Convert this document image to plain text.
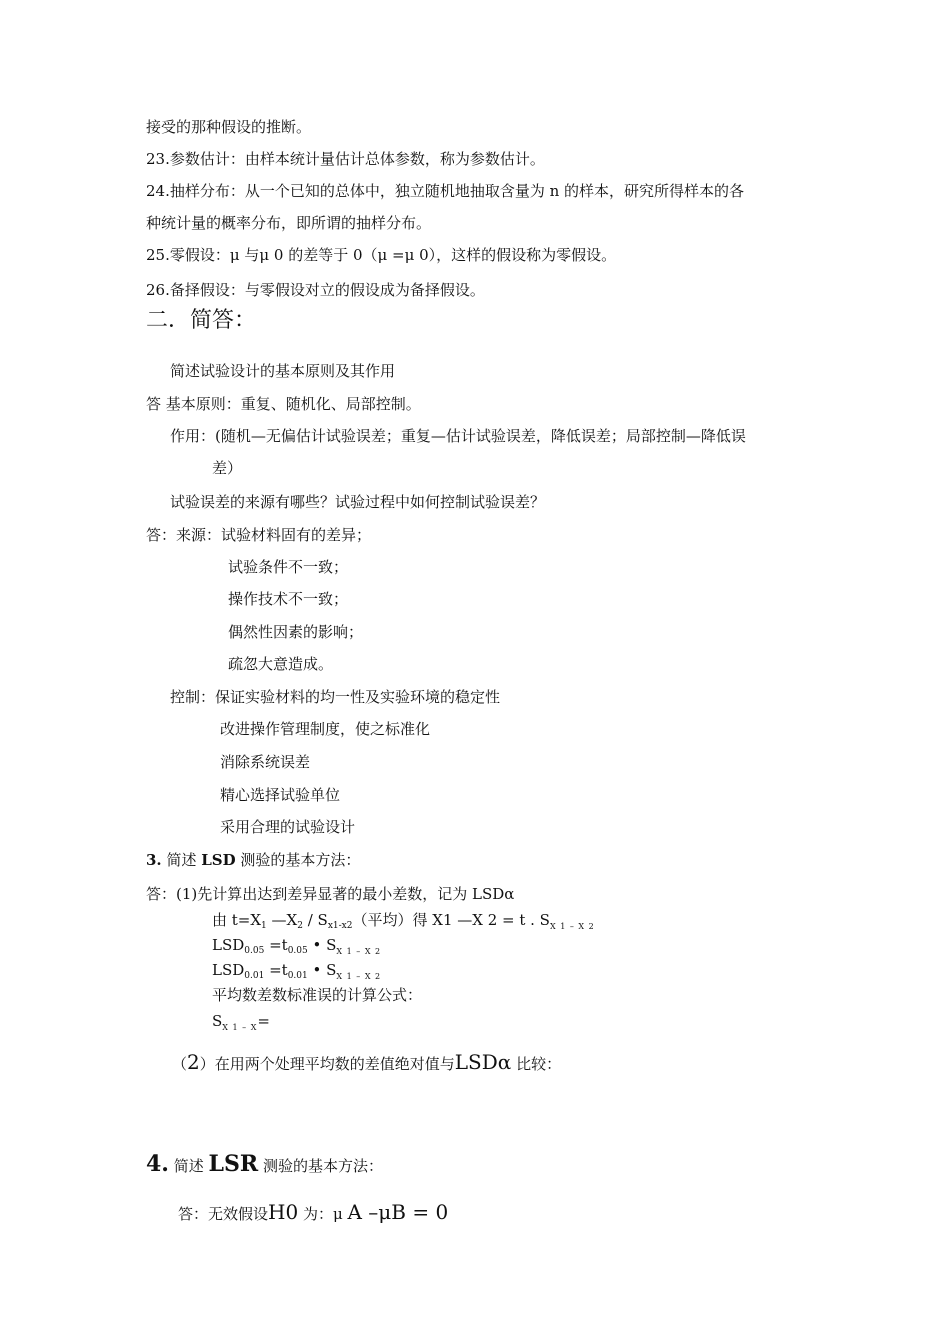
接受的那种假设的推断。
23.参数估计：由样本统计量估计总体参数，称为参数估计。
24.抽样分布：从一个已知的总体中，独立随机地抽取含量为 n 的样本，研究所得样本的各
种统计量的概率分布，即所谓的抽样分布。
25.零假设：μ 与μ 0 的差等于 0（μ =μ 0），这样的假设称为零假设。
26.备择假设：与零假设对立的假设成为备择假设。
二．简答：
简述试验设计的基本原则及其作用
答 基本原则：重复、随机化、局部控制。
作用：(随机—无偏估计试验误差；重复—估计试验误差，降低误差；局部控制—降低误
差）
试验误差的来源有哪些？试验过程中如何控制试验误差？
答：来源：试验材料固有的差异；
试验条件不一致；
操作技术不一致；
偶然性因素的影响；
疏忽大意造成。
控制：保证实验材料的均一性及实验环境的稳定性
改进操作管理制度，使之标准化
消除系统误差
精心选择试验单位
采用合理的试验设计
3. 简述 LSD 测验的基本方法：
答：(1)先计算出达到差异显著的最小差数，记为 LSDα
由 $t=X_1$ $—X_2 / S_{x1-x2}$（平均）得 X1 —X 2 = t . $S_{X 1 - X 2}$
$LSD_{0.05} =t_{0.05}$ • $S_{X 1 - X 2}$
$LSD_{0.01} =t_{0.01}$ • $S_{X 1 - X 2}$
平均数差数标准误的计算公式：
$S_{X 1 - X}=$
（2）在用两个处理平均数的差值绝对值与LSDα 比较：
4. 简述 LSR 测验的基本方法：
答：无效假设H0 为：μ A –μB = 0
